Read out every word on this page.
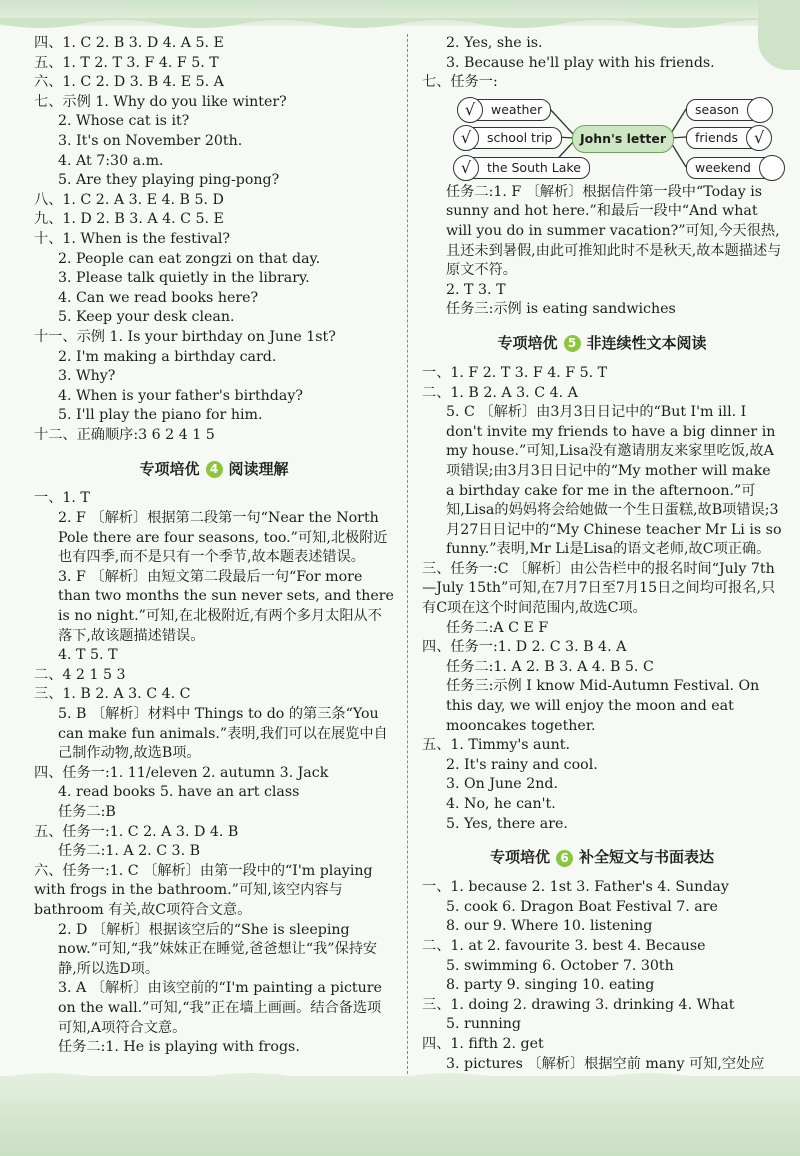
四、1. C 2. B 3. D 4. A 5. E
五、1. T 2. T 3. F 4. F 5. T
六、1. C 2. D 3. B 4. E 5. A
七、示例 1. Why do you like winter?
2. Whose cat is it?
3. It's on November 20th.
4. At 7:30 a.m.
5. Are they playing ping-pong?
八、1. C 2. A 3. E 4. B 5. D
九、1. D 2. B 3. A 4. C 5. E
十、1. When is the festival?
2. People can eat zongzi on that day.
3. Please talk quietly in the library.
4. Can we read books here?
5. Keep your desk clean.
十一、示例 1. Is your birthday on June 1st?
2. I'm making a birthday card.
3. Why?
4. When is your father's birthday?
5. I'll play the piano for him.
十二、正确顺序:3 6 2 4 1 5
专项培优 4 阅读理解
一、1. T
2. F 〔解析〕根据第二段第一句“Near the North Pole there are four seasons, too.”可知,北极附近也有四季,而不是只有一个季节,故本题表述错误。
3. F 〔解析〕由短文第二段最后一句“For more than two months the sun never sets, and there is no night.”可知,在北极附近,有两个多月太阳从不落下,故该题描述错误。
4. T 5. T
二、4 2 1 5 3
三、1. B 2. A 3. C 4. C
5. B 〔解析〕材料中 Things to do 的第三条“You can make fun animals.”表明,我们可以在展览中自己制作动物,故选B项。
四、任务一:1. 11/eleven 2. autumn 3. Jack
4. read books 5. have an art class
任务二:B
五、任务一:1. C 2. A 3. D 4. B
任务二:1. A 2. C 3. B
六、任务一:1. C 〔解析〕由第一段中的“I'm playing with frogs in the bathroom.”可知,该空内容与 bathroom 有关,故C项符合文意。
2. D 〔解析〕根据该空后的“She is sleeping now.”可知,“我”妹妹正在睡觉,爸爸想让“我”保持安静,所以选D项。
3. A 〔解析〕由该空前的“I'm painting a picture on the wall.”可知,“我”正在墙上画画。结合备选项可知,A项符合文意。
任务二:1. He is playing with frogs.
2. Yes, she is.
3. Because he'll play with his friends.
七、任务一:
√	weather
√	school trip
√	the South Lake
John's letter
season
friends √
weekend
任务二:1. F 〔解析〕根据信件第一段中“Today is sunny and hot here.”和最后一段中“And what will you do in summer vacation?”可知,今天很热,且还未到暑假,由此可推知此时不是秋天,故本题描述与原文不符。
2. T 3. T
任务三:示例 is eating sandwiches
专项培优 5 非连续性文本阅读
一、1. F 2. T 3. F 4. F 5. T
二、1. B 2. A 3. C 4. A
5. C 〔解析〕由3月3日日记中的“But I'm ill. I don't invite my friends to have a big dinner in my house.”可知,Lisa没有邀请朋友来家里吃饭,故A项错误;由3月3日日记中的“My mother will make a birthday cake for me in the afternoon.”可知,Lisa的妈妈将会给她做一个生日蛋糕,故B项错误;3月27日日记中的“My Chinese teacher Mr Li is so funny.”表明,Mr Li是Lisa的语文老师,故C项正确。
三、任务一:C 〔解析〕由公告栏中的报名时间“July 7th—July 15th”可知,在7月7日至7月15日之间均可报名,只有C项在这个时间范围内,故选C项。
任务二:A C E F
四、任务一:1. D 2. C 3. B 4. A
任务二:1. A 2. B 3. A 4. B 5. C
任务三:示例 I know Mid-Autumn Festival. On this day, we will enjoy the moon and eat mooncakes together.
五、1. Timmy's aunt.
2. It's rainy and cool.
3. On June 2nd.
4. No, he can't.
5. Yes, there are.
专项培优 6 补全短文与书面表达
一、1. because 2. 1st 3. Father's 4. Sunday
5. cook 6. Dragon Boat Festival 7. are
8. our 9. Where 10. listening
二、1. at 2. favourite 3. best 4. Because
5. swimming 6. October 7. 30th
8. party 9. singing 10. eating
三、1. doing 2. drawing 3. drinking 4. What
5. running
四、1. fifth 2. get
3. pictures 〔解析〕根据空前 many 可知,空处应
